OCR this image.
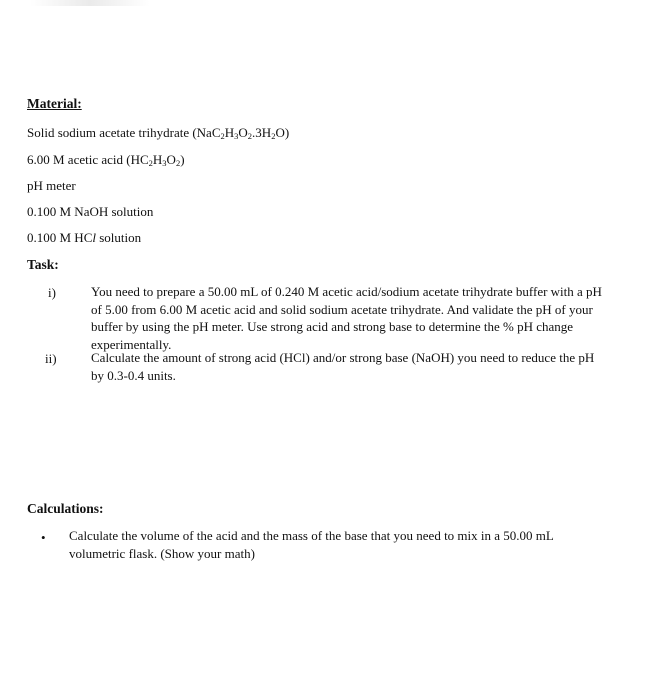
Material:
Solid sodium acetate trihydrate $(NaC_2H_3O_2.3H_2O)$
6.00 M acetic acid $(HC_2H_3O_2)$
pH meter
0.100 M NaOH solution
0.100 M HCl solution
Task:
i)	You need to prepare a 50.00 mL of 0.240 M acetic acid/sodium acetate trihydrate buffer with a pH of 5.00 from 6.00 M acetic acid and solid sodium acetate trihydrate. And validate the pH of your buffer by using the pH meter. Use strong acid and strong base to determine the % pH change experimentally.
ii)	Calculate the amount of strong acid (HCl) and/or strong base (NaOH) you need to reduce the pH by 0.3-0.4 units.
Calculations:
• Calculate the volume of the acid and the mass of the base that you need to mix in a 50.00 mL volumetric flask. (Show your math)
